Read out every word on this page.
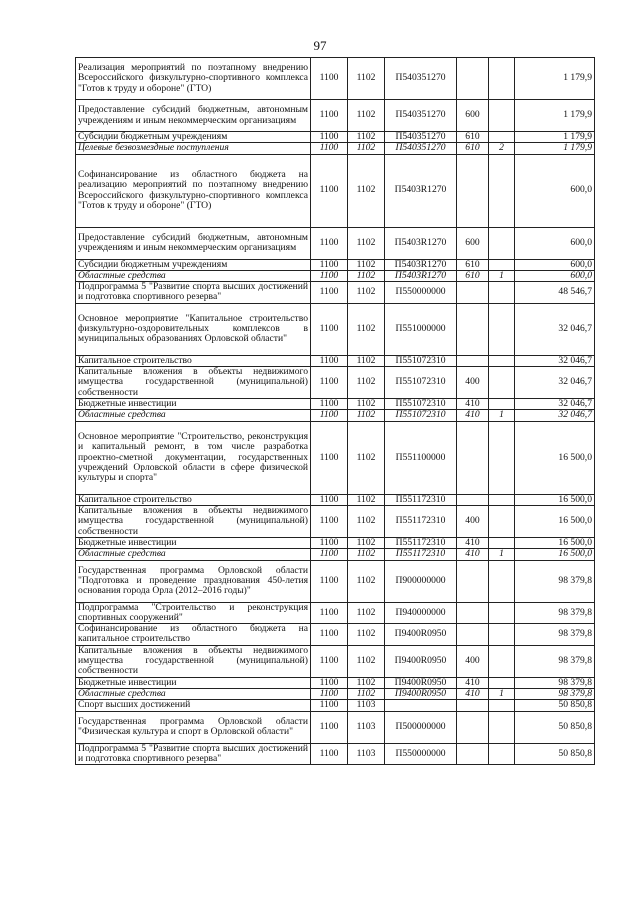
97
Реализация мероприятий по поэтапному внедрению Всероссийского физкультурно-спортивного комплекса "Готов к труду и обороне" (ГТО)	1100	1102	П540351270			1 179,9
Предоставление субсидий бюджетным, автономным учреждениям и иным некоммерческим организациям	1100	1102	П540351270	600		1 179,9
Субсидии бюджетным учреждениям	1100	1102	П540351270	610		1 179,9
Целевые безвозмездные поступления	1100	1102	П540351270	610	2	1 179,9
Софинансирование из областного бюджета на реализацию мероприятий по поэтапному внедрению Всероссийского физкультурно-спортивного комплекса "Готов к труду и обороне" (ГТО)	1100	1102	П5403R1270			600,0
Предоставление субсидий бюджетным, автономным учреждениям и иным некоммерческим организациям	1100	1102	П5403R1270	600		600,0
Субсидии бюджетным учреждениям	1100	1102	П5403R1270	610		600,0
Областные средства	1100	1102	П5403R1270	610	1	600,0
Подпрограмма 5 "Развитие спорта высших достижений и подготовка спортивного резерва"	1100	1102	П550000000			48 546,7
Основное мероприятие "Капитальное строительство физкультурно-оздоровительных комплексов в муниципальных образованиях Орловской области"	1100	1102	П551000000			32 046,7
Капитальное строительство	1100	1102	П551072310			32 046,7
Капитальные вложения в объекты недвижимого имущества государственной (муниципальной) собственности	1100	1102	П551072310	400		32 046,7
Бюджетные инвестиции	1100	1102	П551072310	410		32 046,7
Областные средства	1100	1102	П551072310	410	1	32 046,7
Основное мероприятие "Строительство, реконструкция и капитальный ремонт, в том числе разработка проектно-сметной документации, государственных учреждений Орловской области в сфере физической культуры и спорта"	1100	1102	П551100000			16 500,0
Капитальное строительство	1100	1102	П551172310			16 500,0
Капитальные вложения в объекты недвижимого имущества государственной (муниципальной) собственности	1100	1102	П551172310	400		16 500,0
Бюджетные инвестиции	1100	1102	П551172310	410		16 500,0
Областные средства	1100	1102	П551172310	410	1	16 500,0
Государственная программа Орловской области "Подготовка и проведение празднования 450-летия основания города Орла (2012–2016 годы)"	1100	1102	П900000000			98 379,8
Подпрограмма "Строительство и реконструкция спортивных сооружений"	1100	1102	П940000000			98 379,8
Софинансирование из областного бюджета на капитальное строительство	1100	1102	П9400R0950			98 379,8
Капитальные вложения в объекты недвижимого имущества государственной (муниципальной) собственности	1100	1102	П9400R0950	400		98 379,8
Бюджетные инвестиции	1100	1102	П9400R0950	410		98 379,8
Областные средства	1100	1102	П9400R0950	410	1	98 379,8
Спорт высших достижений	1100	1103				50 850,8
Государственная программа Орловской области "Физическая культура и спорт в Орловской области"	1100	1103	П500000000			50 850,8
Подпрограмма 5 "Развитие спорта высших достижений и подготовка спортивного резерва"	1100	1103	П550000000			50 850,8
